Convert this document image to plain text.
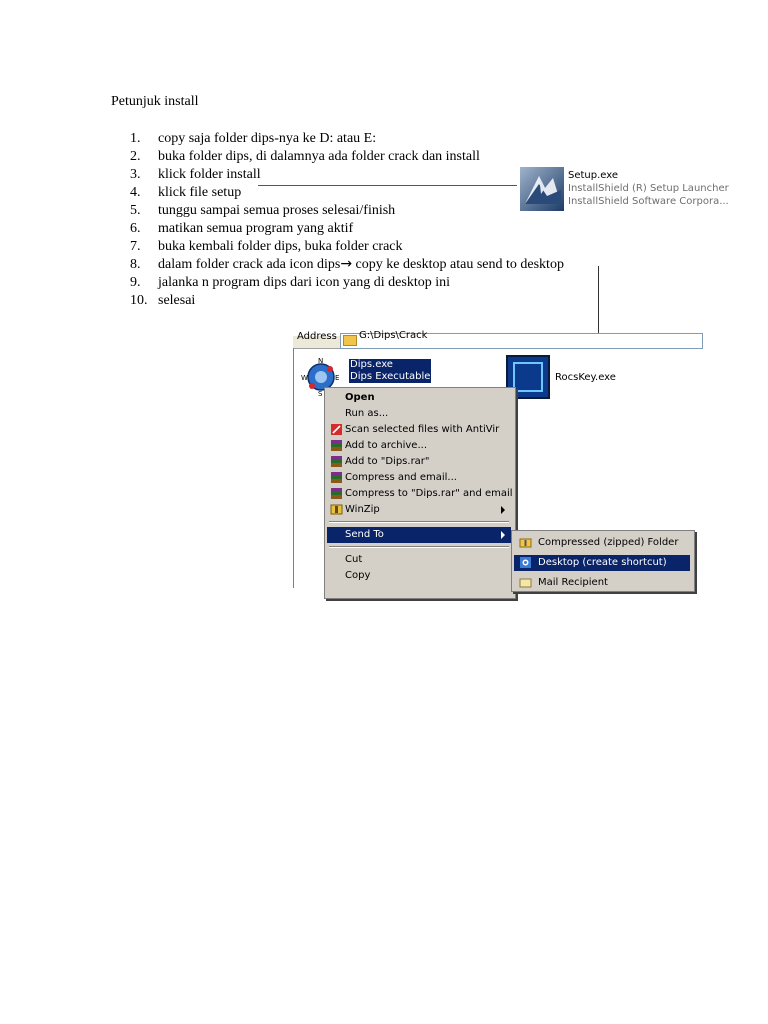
Petunjuk install
1. copy saja folder dips-nya ke D: atau E:
2. buka folder dips, di dalamnya ada folder crack dan install
3. klick folder install
4. klick file setup
5. tunggu sampai semua proses selesai/finish
6. matikan semua program yang aktif
7. buka kembali folder dips, buka folder crack
8. dalam folder crack ada icon dips→ copy ke desktop atau send to desktop
9. jalanka n program dips dari icon yang di desktop ini
10. selesai
Setup.exe
InstallShield (R) Setup Launcher
InstallShield Software Corpora...
Address G:\Dips\Crack
N
E
S
W
Dips.exe
Dips Executable	RocsKey.exe
Open
Run as...
Scan selected files with AntiVir
Add to archive...
Add to "Dips.rar"
Compress and email...
Compress to "Dips.rar" and email
WinZip
Send To
Cut
Copy
Compressed (zipped) Folder
Desktop (create shortcut)
Mail Recipient
